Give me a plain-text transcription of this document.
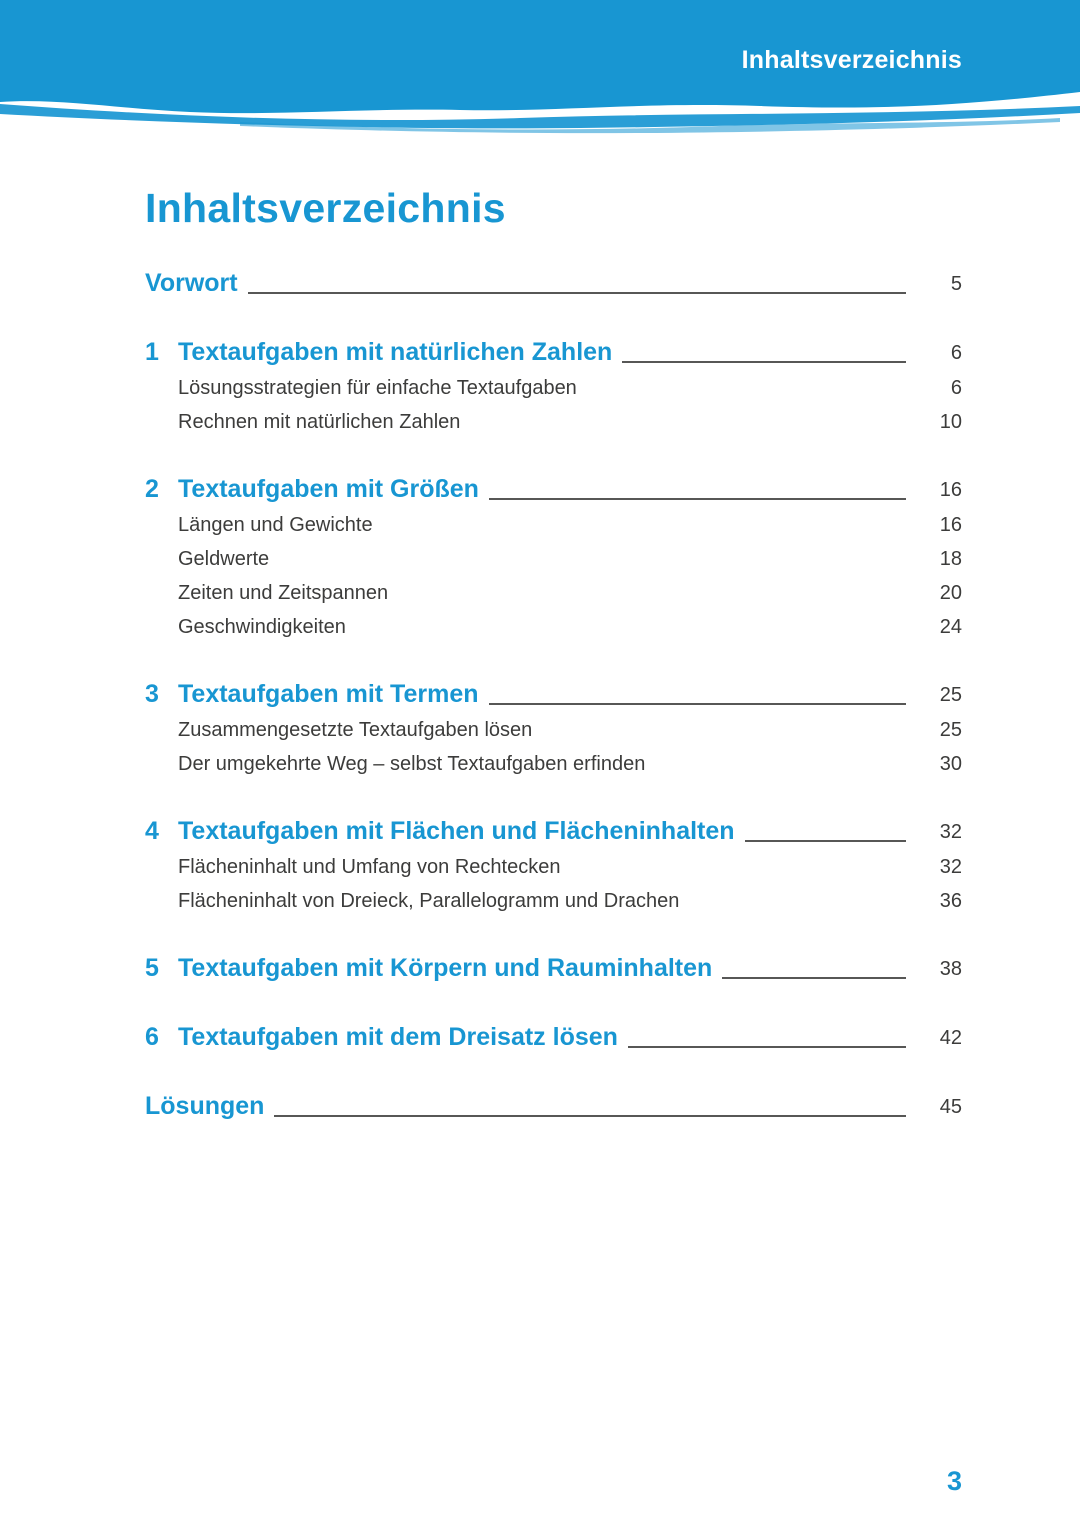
Inhaltsverzeichnis
Inhaltsverzeichnis
Vorwort	5
1 Textaufgaben mit natürlichen Zahlen	6
Lösungsstrategien für einfache Textaufgaben	6
Rechnen mit natürlichen Zahlen	10
2 Textaufgaben mit Größen	16
Längen und Gewichte	16
Geldwerte	18
Zeiten und Zeitspannen	20
Geschwindigkeiten	24
3 Textaufgaben mit Termen	25
Zusammengesetzte Textaufgaben lösen	25
Der umgekehrte Weg – selbst Textaufgaben erfinden	30
4 Textaufgaben mit Flächen und Flächeninhalten	32
Flächeninhalt und Umfang von Rechtecken	32
Flächeninhalt von Dreieck, Parallelogramm und Drachen	36
5 Textaufgaben mit Körpern und Rauminhalten	38
6 Textaufgaben mit dem Dreisatz lösen	42
Lösungen	45
3
